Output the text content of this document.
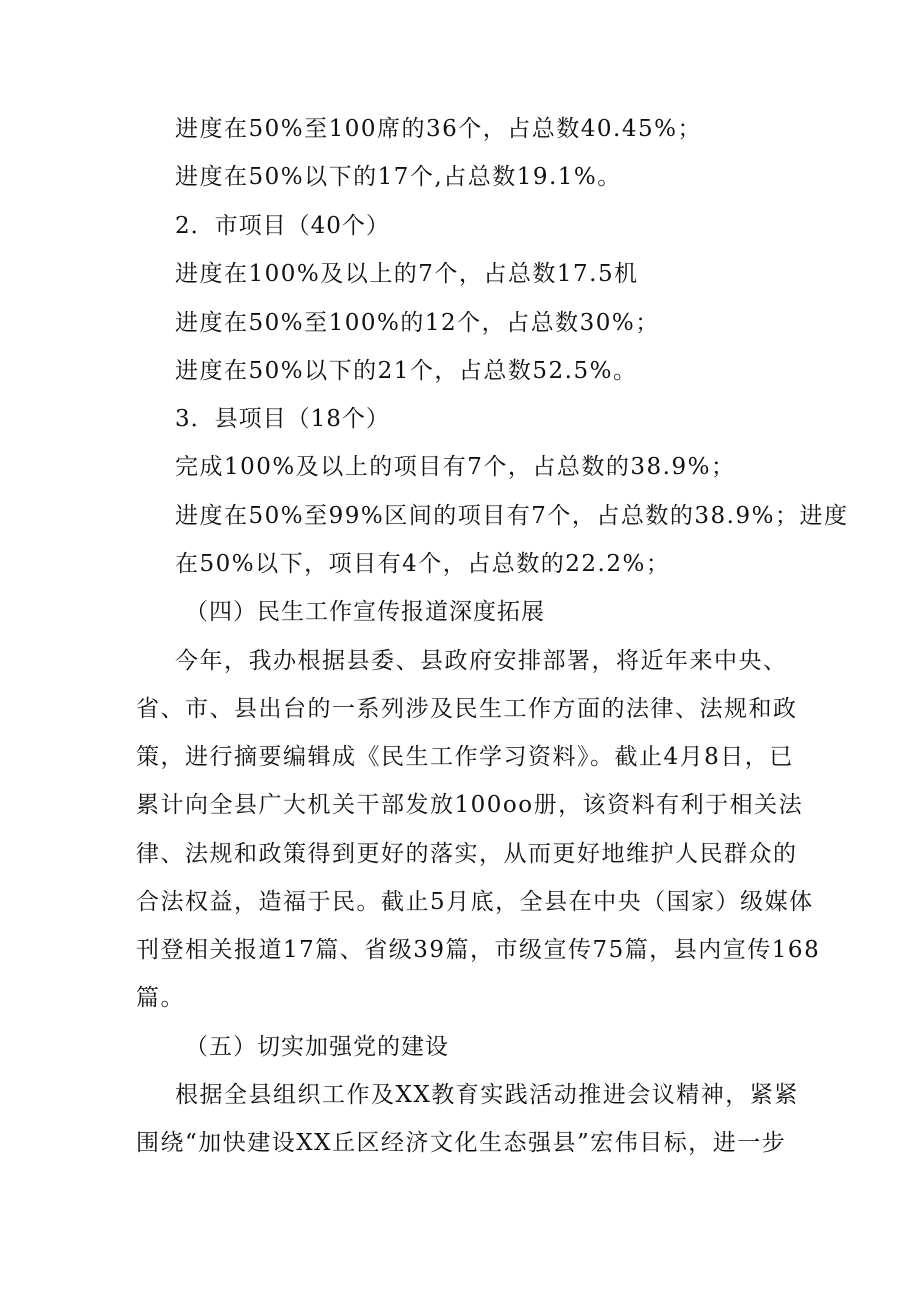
进度在50%至100席的36个，占总数40.45%；
进度在50%以下的17个,占总数19.1%。
2．市项目（40个）
进度在100%及以上的7个，占总数17.5机
进度在50%至100%的12个，占总数30%；
进度在50%以下的21个，占总数52.5%。
3．县项目（18个）
完成100%及以上的项目有7个，占总数的38.9%；
进度在50%至99%区间的项目有7个，占总数的38.9%；进度
在50%以下，项目有4个，占总数的22.2%；
（四）民生工作宣传报道深度拓展
今年，我办根据县委、县政府安排部署，将近年来中央、
省、市、县出台的一系列涉及民生工作方面的法律、法规和政
策，进行摘要编辑成《民生工作学习资料》。截止4月8日，已
累计向全县广大机关干部发放100oo册，该资料有利于相关法
律、法规和政策得到更好的落实，从而更好地维护人民群众的
合法权益，造福于民。截止5月底，全县在中央（国家）级媒体
刊登相关报道17篇、省级39篇，市级宣传75篇，县内宣传168
篇。
（五）切实加强党的建设
根据全县组织工作及XX教育实践活动推进会议精神，紧紧
围绕“加快建设XX丘区经济文化生态强县”宏伟目标，进一步
